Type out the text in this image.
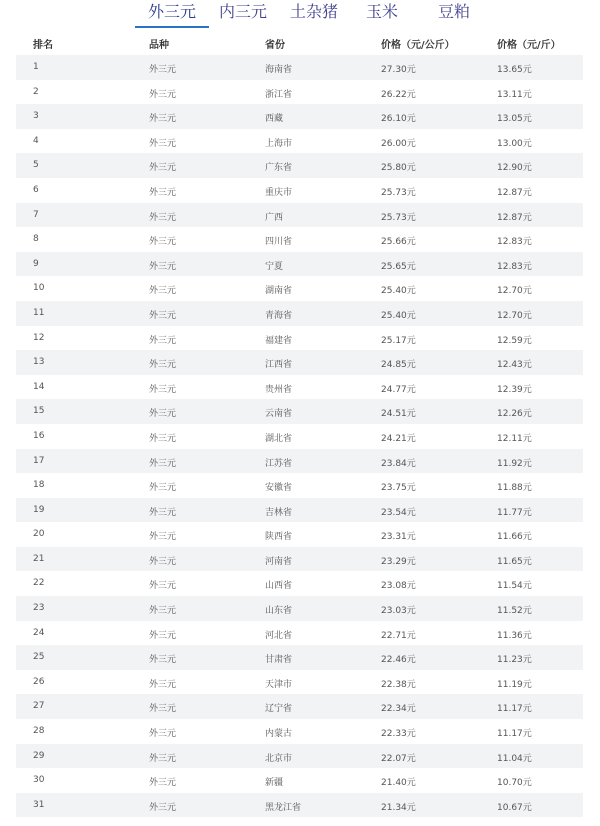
外三元 内三元 土杂猪 玉米 豆粕
排名	品种	省份	价格（元/公斤）	价格（元/斤）
1	外三元	海南省	27.30元	13.65元
2	外三元	浙江省	26.22元	13.11元
3	外三元	西藏	26.10元	13.05元
4	外三元	上海市	26.00元	13.00元
5	外三元	广东省	25.80元	12.90元
6	外三元	重庆市	25.73元	12.87元
7	外三元	广西	25.73元	12.87元
8	外三元	四川省	25.66元	12.83元
9	外三元	宁夏	25.65元	12.83元
10	外三元	湖南省	25.40元	12.70元
11	外三元	青海省	25.40元	12.70元
12	外三元	福建省	25.17元	12.59元
13	外三元	江西省	24.85元	12.43元
14	外三元	贵州省	24.77元	12.39元
15	外三元	云南省	24.51元	12.26元
16	外三元	湖北省	24.21元	12.11元
17	外三元	江苏省	23.84元	11.92元
18	外三元	安徽省	23.75元	11.88元
19	外三元	吉林省	23.54元	11.77元
20	外三元	陕西省	23.31元	11.66元
21	外三元	河南省	23.29元	11.65元
22	外三元	山西省	23.08元	11.54元
23	外三元	山东省	23.03元	11.52元
24	外三元	河北省	22.71元	11.36元
25	外三元	甘肃省	22.46元	11.23元
26	外三元	天津市	22.38元	11.19元
27	外三元	辽宁省	22.34元	11.17元
28	外三元	内蒙古	22.33元	11.17元
29	外三元	北京市	22.07元	11.04元
30	外三元	新疆	21.40元	10.70元
31	外三元	黑龙江省	21.34元	10.67元
